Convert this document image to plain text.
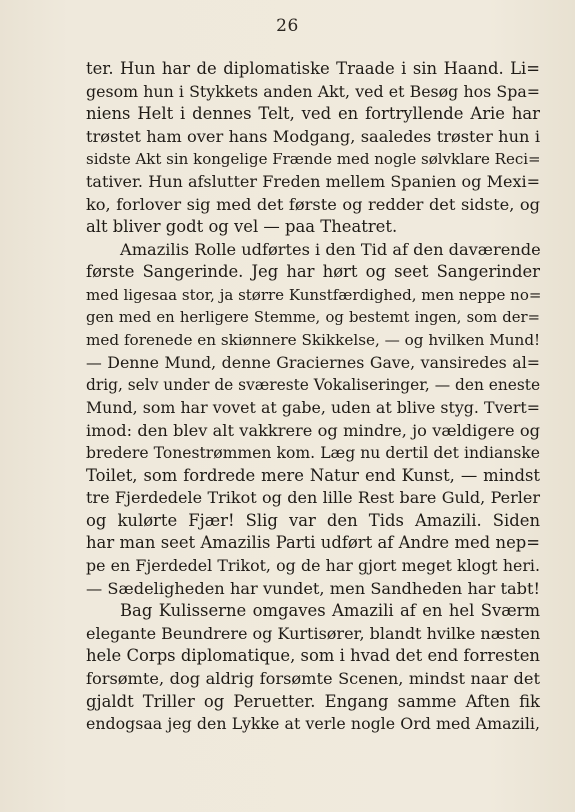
26
ter. Hun har de diplomatiske Traade i sin Haand. Li=
gesom hun i Stykkets anden Akt, ved et Besøg hos Spa=
niens Helt i dennes Telt, ved en fortryllende Arie har
trøstet ham over hans Modgang, saaledes trøster hun i
sidste Akt sin kongelige Frænde med nogle sølvklare Reci=
tativer. Hun afslutter Freden mellem Spanien og Mexi=
ko, forlover sig med det første og redder det sidste, og
alt bliver godt og vel — paa Theatret.
Amazilis Rolle udførtes i den Tid af den daværende
første Sangerinde. Jeg har hørt og seet Sangerinder
med ligesaa stor, ja større Kunstfærdighed, men neppe no=
gen med en herligere Stemme, og bestemt ingen, som der=
med forenede en skiønnere Skikkelse, — og hvilken Mund!
— Denne Mund, denne Graciernes Gave, vansiredes al=
drig, selv under de sværeste Vokaliseringer, — den eneste
Mund, som har vovet at gabe, uden at blive styg. Tvert=
imod: den blev alt vakkrere og mindre, jo vældigere og
bredere Tonestrømmen kom. Læg nu dertil det indianske
Toilet, som fordrede mere Natur end Kunst, — mindst
tre Fjerdedele Trikot og den lille Rest bare Guld, Perler
og kulørte Fjær! Slig var den Tids Amazili. Siden
har man seet Amazilis Parti udført af Andre med nep=
pe en Fjerdedel Trikot, og de har gjort meget klogt heri.
— Sædeligheden har vundet, men Sandheden har tabt!
Bag Kulisserne omgaves Amazili af en hel Sværm
elegante Beundrere og Kurtisører, blandt hvilke næsten
hele Corps diplomatique, som i hvad det end forresten
forsømte, dog aldrig forsømte Scenen, mindst naar det
gjaldt Triller og Peruetter. Engang samme Aften fik
endogsaa jeg den Lykke at verle nogle Ord med Amazili,
